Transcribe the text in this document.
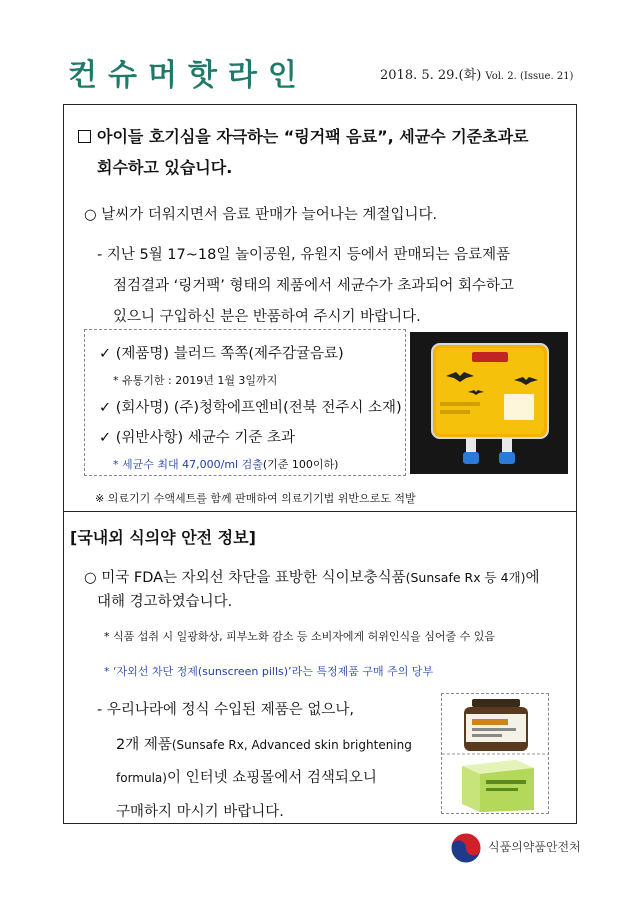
컨슈머핫라인	2018. 5. 29.(화) Vol. 2. (Issue. 21)
아이들 호기심을 자극하는 “링거팩 음료”, 세균수 기준초과로
회수하고 있습니다.
○ 날씨가 더워지면서 음료 판매가 늘어나는 계절입니다.
- 지난 5월 17~18일 놀이공원, 유원지 등에서 판매되는 음료제품
점검결과 ‘링거팩’ 형태의 제품에서 세균수가 초과되어 회수하고
있으니 구입하신 분은 반품하여 주시기 바랍니다.
✓ (제품명) 블러드 쪽쪽(제주감귤음료)
* 유통기한 : 2019년 1월 3일까지
✓ (회사명) (주)청학에프엔비(전북 전주시 소재)
✓ (위반사항) 세균수 기준 초과
* 세균수 최대 47,000/ml 검출(기준 100이하)
※ 의료기기 수액세트를 함께 판매하여 의료기기법 위반으로도 적발
[국내외 식의약 안전 정보]
○ 미국 FDA는 자외선 차단을 표방한 식이보충식품(Sunsafe Rx 등 4개)에
대해 경고하였습니다.
* 식품 섭취 시 일광화상, 피부노화 감소 등 소비자에게 허위인식을 심어줄 수 있음
* ‘자외선 차단 정제(sunscreen pills)’라는 특정제품 구매 주의 당부
- 우리나라에 정식 수입된 제품은 없으나,
2개 제품(Sunsafe Rx, Advanced skin brightening
formula)이 인터넷 쇼핑몰에서 검색되오니
구매하지 마시기 바랍니다.
식품의약품안전처
